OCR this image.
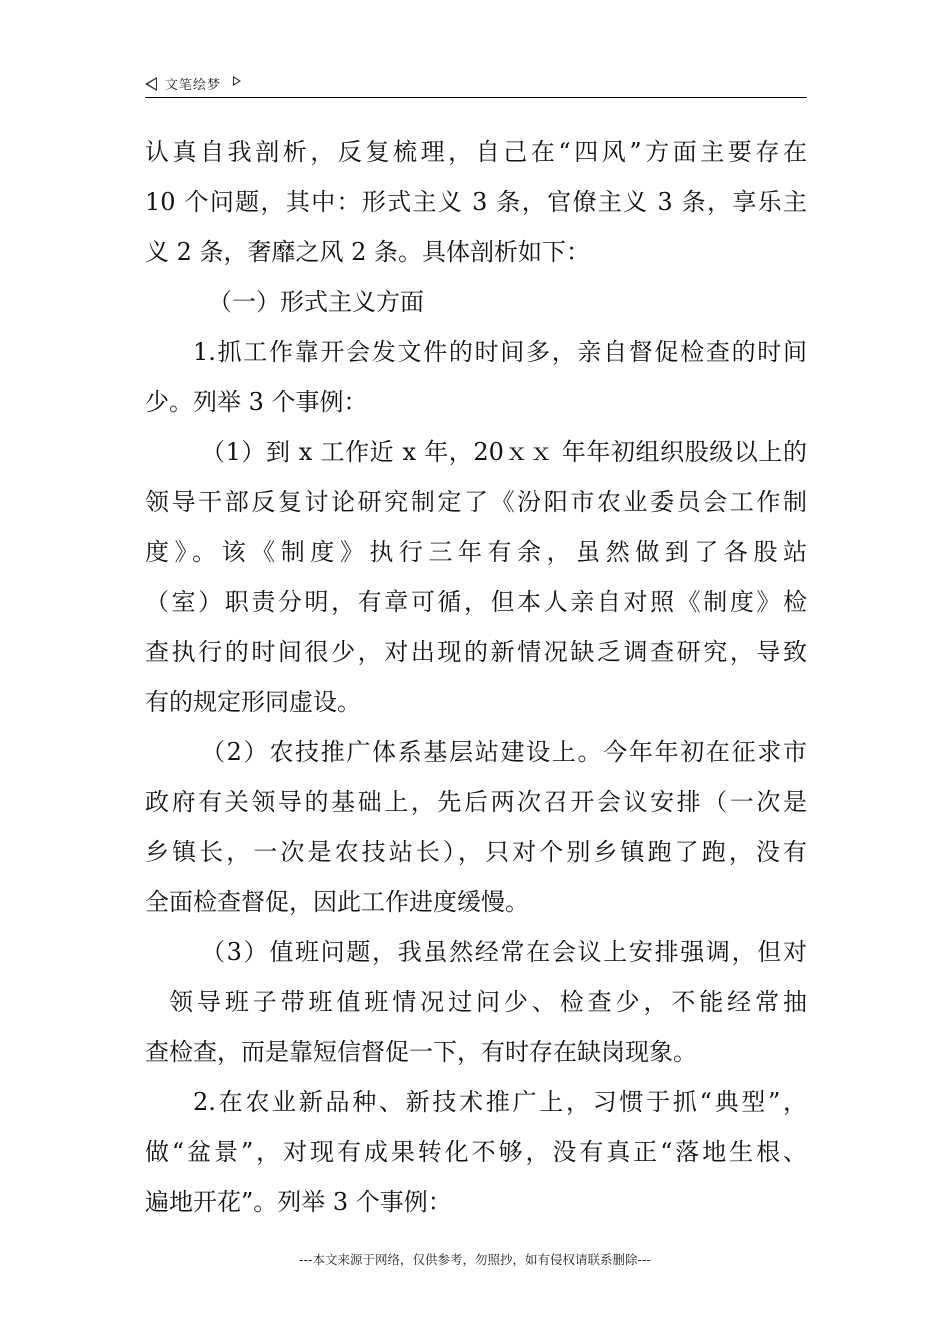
文笔绘梦
认真自我剖析，反复梳理，自己在“四风”方面主要存在
10 个问题，其中：形式主义 3 条，官僚主义 3 条，享乐主
义 2 条，奢靡之风 2 条。具体剖析如下：
（一）形式主义方面
1.抓工作靠开会发文件的时间多，亲自督促检查的时间
少。列举 3 个事例：
（1）到 x 工作近 x 年，20ｘｘ 年年初组织股级以上的
领导干部反复讨论研究制定了《汾阳市农业委员会工作制
度》。该《制度》执行三年有余，虽然做到了各股站
（室）职责分明，有章可循，但本人亲自对照《制度》检
查执行的时间很少，对出现的新情况缺乏调查研究，导致
有的规定形同虚设。
（2）农技推广体系基层站建设上。今年年初在征求市
政府有关领导的基础上，先后两次召开会议安排（一次是
乡镇长，一次是农技站长），只对个别乡镇跑了跑，没有
全面检查督促，因此工作进度缓慢。
（3）值班问题，我虽然经常在会议上安排强调，但对
领导班子带班值班情况过问少、检查少，不能经常抽
查检查，而是靠短信督促一下，有时存在缺岗现象。
2.在农业新品种、新技术推广上，习惯于抓“典型”，
做“盆景”，对现有成果转化不够，没有真正“落地生根、
遍地开花”。列举 3 个事例：
---本文来源于网络，仅供参考，勿照抄，如有侵权请联系删除---
